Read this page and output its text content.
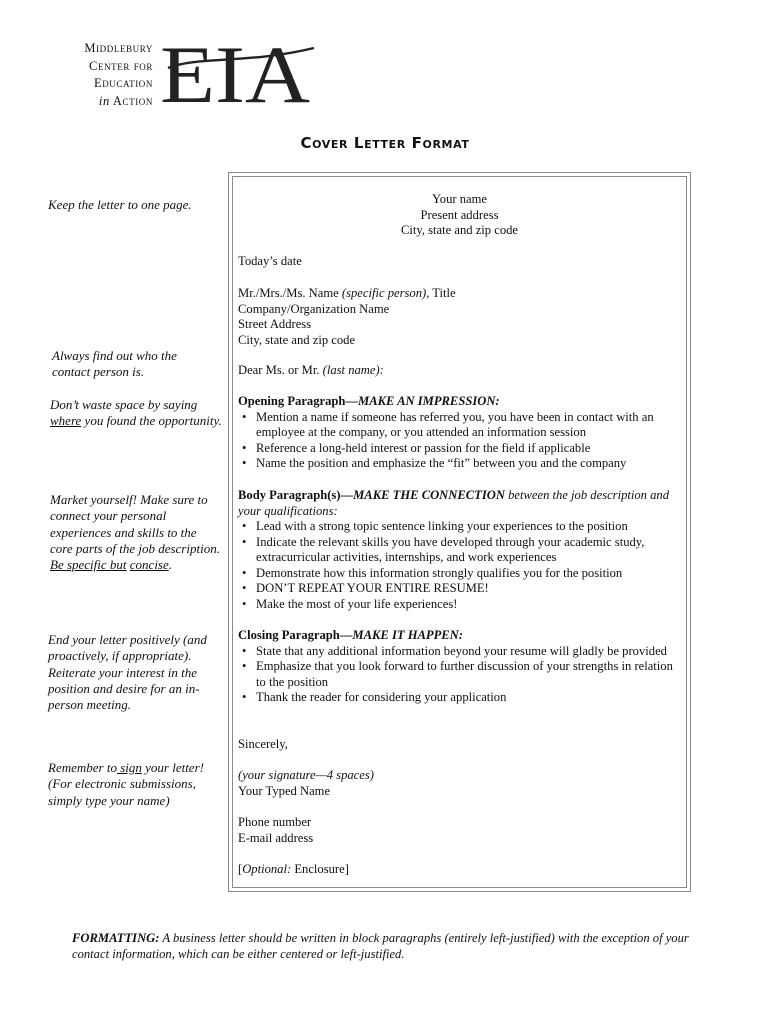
Middlebury
Center for
Education
in Action EIA
Cover Letter Format
Keep the letter to one page.
Always find out who the contact person is.
Don’t waste space by saying where you found the opportunity.
Market yourself! Make sure to connect your personal experiences and skills to the core parts of the job description. Be specific but concise.
End your letter positively (and proactively, if appropriate). Reiterate your interest in the position and desire for an in-person meeting.
Remember to sign your letter! (For electronic submissions, simply type your name)
Your name
Present address
City, state and zip code
Today’s date
Mr./Mrs./Ms. Name (specific person), Title
Company/Organization Name
Street Address
City, state and zip code
Dear Ms. or Mr. (last name):
Opening Paragraph—MAKE AN IMPRESSION:
• Mention a name if someone has referred you, you have been in contact with an employee at the company, or you attended an information session
• Reference a long-held interest or passion for the field if applicable
• Name the position and emphasize the “fit” between you and the company
Body Paragraph(s)—MAKE THE CONNECTION between the job description and your qualifications:
• Lead with a strong topic sentence linking your experiences to the position
• Indicate the relevant skills you have developed through your academic study, extracurricular activities, internships, and work experiences
• Demonstrate how this information strongly qualifies you for the position
• DON’T REPEAT YOUR ENTIRE RESUME!
• Make the most of your life experiences!
Closing Paragraph—MAKE IT HAPPEN:
• State that any additional information beyond your resume will gladly be provided
• Emphasize that you look forward to further discussion of your strengths in relation to the position
• Thank the reader for considering your application
Sincerely,
(your signature—4 spaces)
Your Typed Name
Phone number
E-mail address
[Optional: Enclosure]
FORMATTING: A business letter should be written in block paragraphs (entirely left-justified) with the exception of your contact information, which can be either centered or left-justified.
